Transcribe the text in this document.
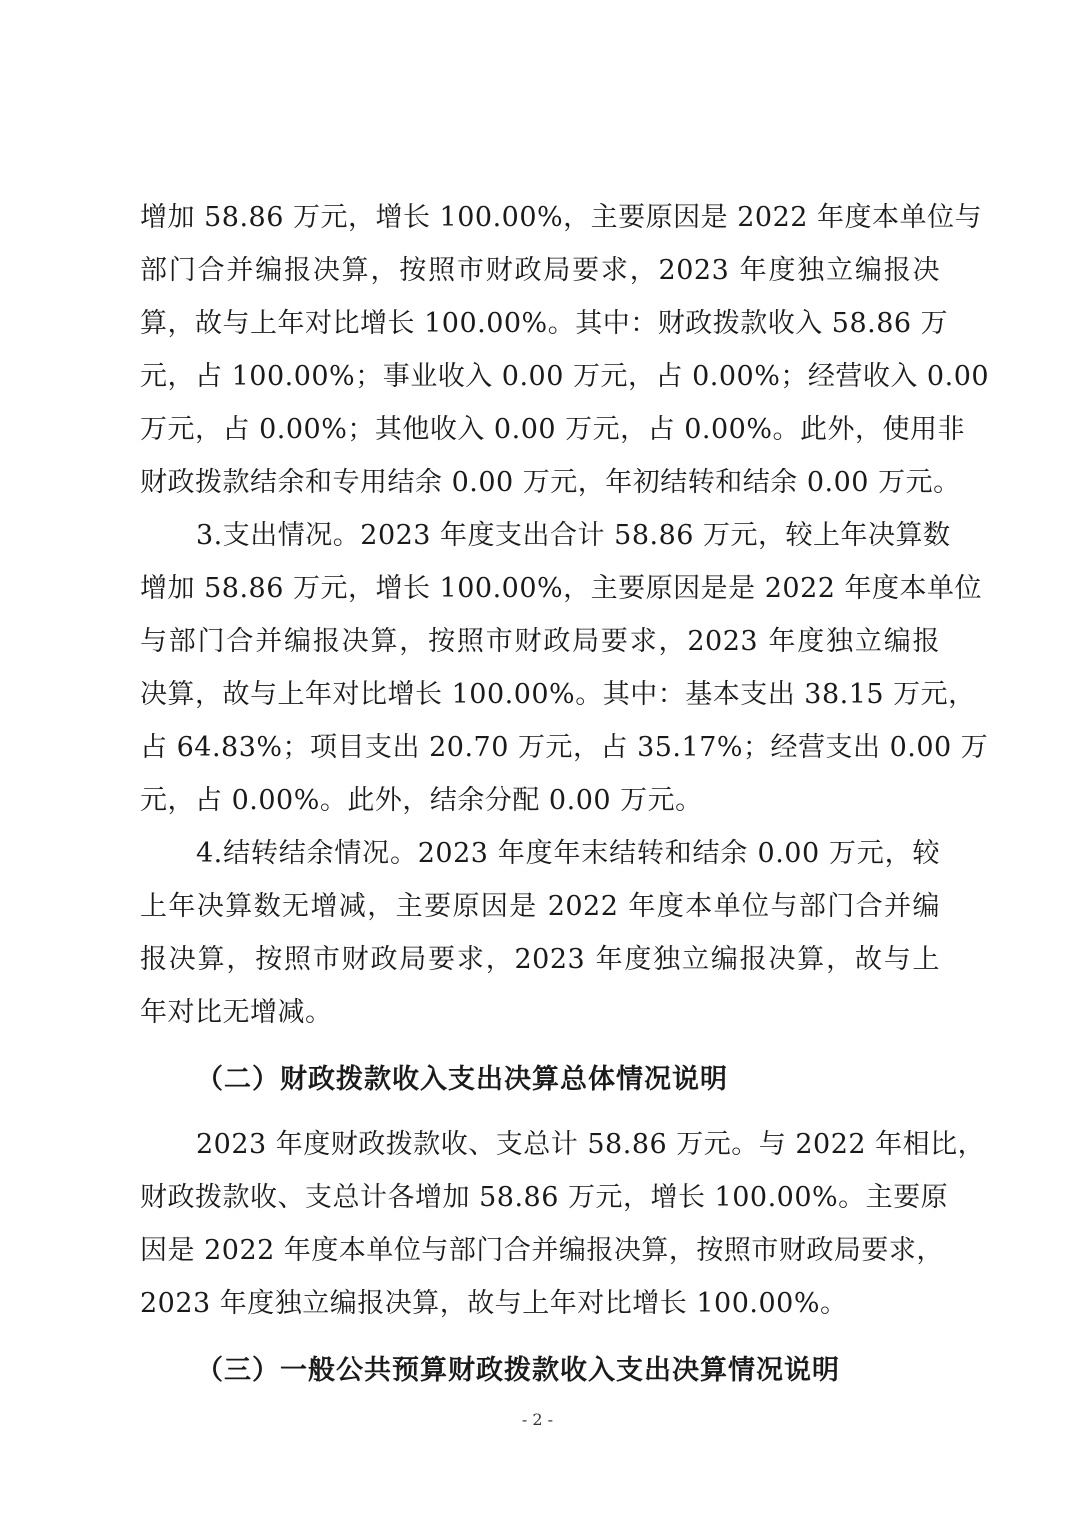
增加 58.86 万元，增长 100.00%，主要原因是 2022 年度本单位与
部门合并编报决算，按照市财政局要求，2023 年度独立编报决
算，故与上年对比增长 100.00%。其中：财政拨款收入 58.86 万
元，占 100.00%；事业收入 0.00 万元，占 0.00%；经营收入 0.00
万元，占 0.00%；其他收入 0.00 万元，占 0.00%。此外，使用非
财政拨款结余和专用结余 0.00 万元，年初结转和结余 0.00 万元。
3.支出情况。2023 年度支出合计 58.86 万元，较上年决算数
增加 58.86 万元，增长 100.00%，主要原因是是 2022 年度本单位
与部门合并编报决算，按照市财政局要求，2023 年度独立编报
决算，故与上年对比增长 100.00%。其中：基本支出 38.15 万元，
占 64.83%；项目支出 20.70 万元，占 35.17%；经营支出 0.00 万
元，占 0.00%。此外，结余分配 0.00 万元。
4.结转结余情况。2023 年度年末结转和结余 0.00 万元，较
上年决算数无增减，主要原因是 2022 年度本单位与部门合并编
报决算，按照市财政局要求，2023 年度独立编报决算，故与上
年对比无增减。
（二）财政拨款收入支出决算总体情况说明
2023 年度财政拨款收、支总计 58.86 万元。与 2022 年相比，
财政拨款收、支总计各增加 58.86 万元，增长 100.00%。主要原
因是 2022 年度本单位与部门合并编报决算，按照市财政局要求，
2023 年度独立编报决算，故与上年对比增长 100.00%。
（三）一般公共预算财政拨款收入支出决算情况说明
- 2 -
